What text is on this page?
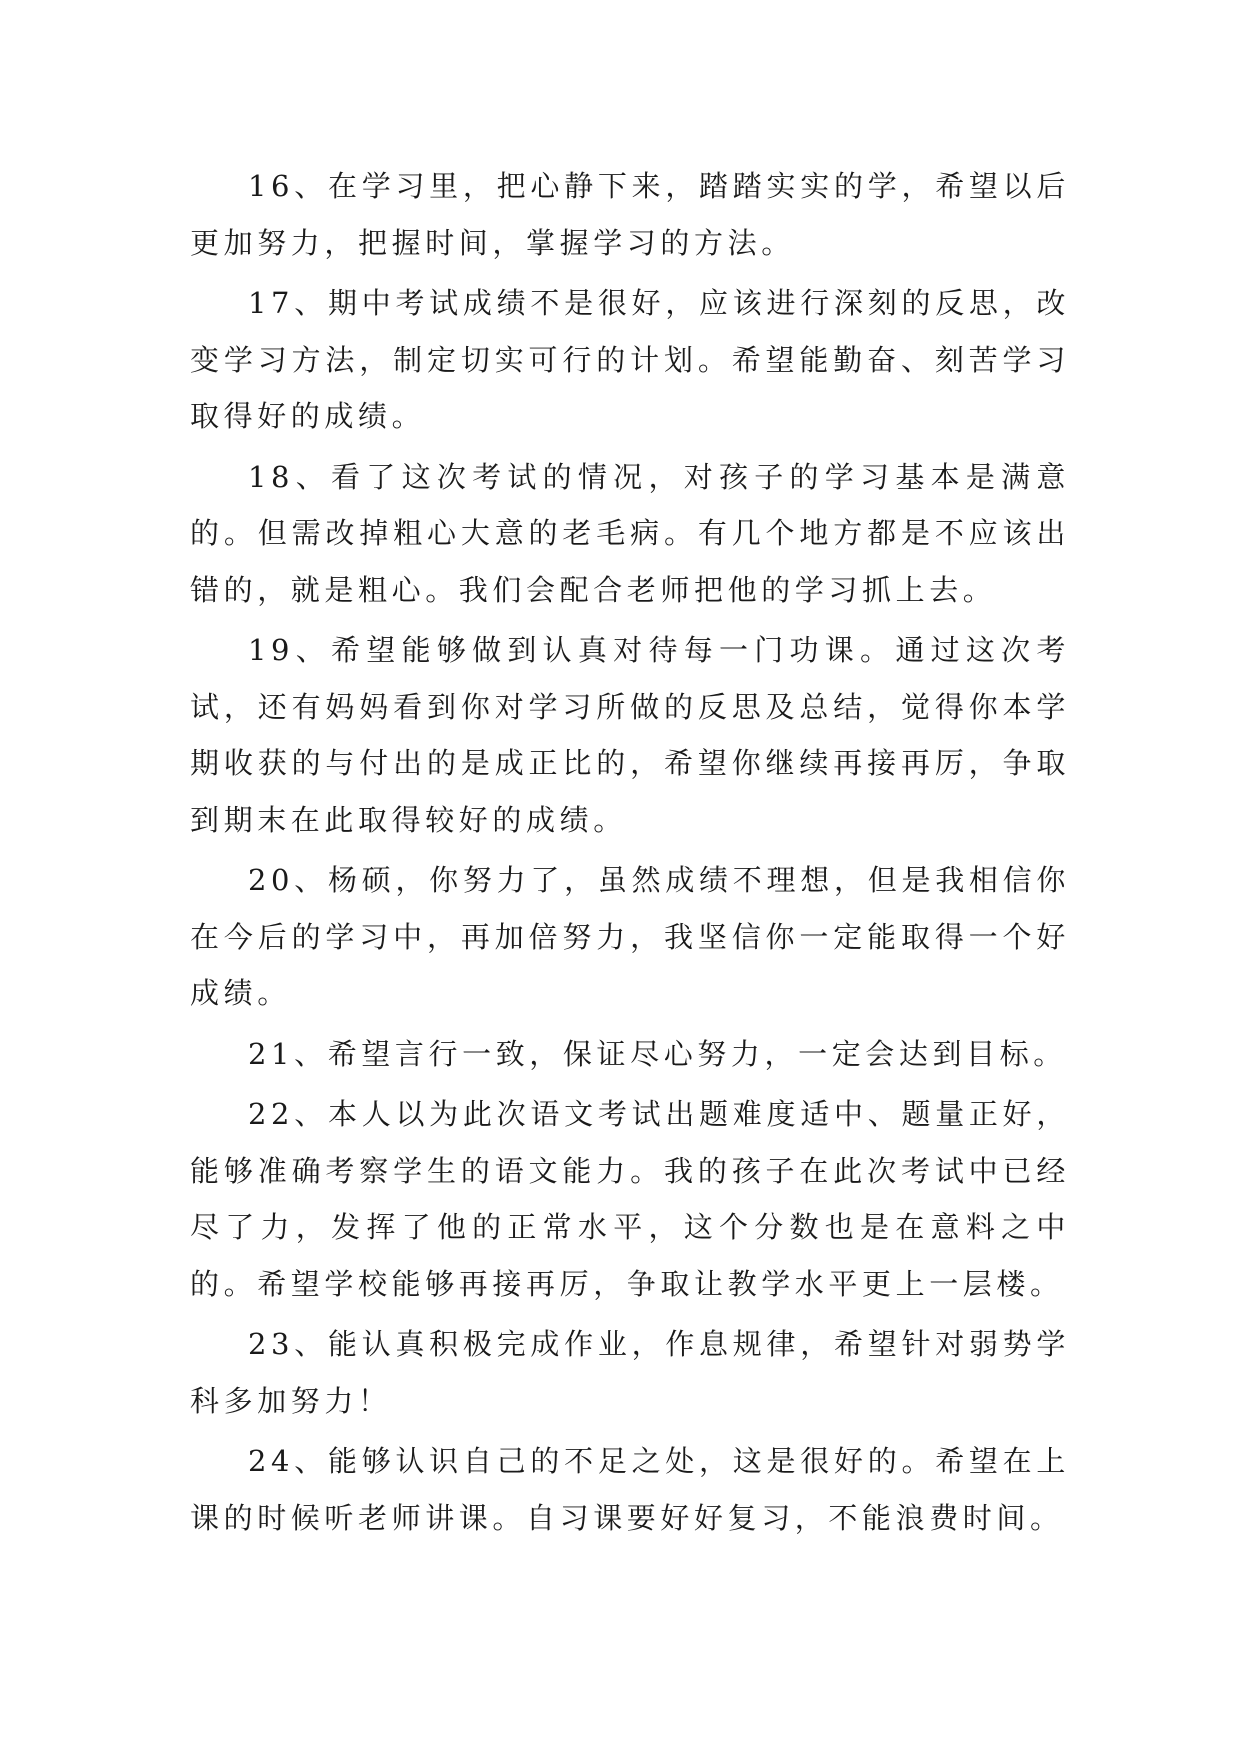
16、在学习里，把心静下来，踏踏实实的学，希望以后更加努力，把握时间，掌握学习的方法。

17、期中考试成绩不是很好，应该进行深刻的反思，改变学习方法，制定切实可行的计划。希望能勤奋、刻苦学习取得好的成绩。

18、看了这次考试的情况，对孩子的学习基本是满意的。但需改掉粗心大意的老毛病。有几个地方都是不应该出错的，就是粗心。我们会配合老师把他的学习抓上去。

19、希望能够做到认真对待每一门功课。通过这次考试，还有妈妈看到你对学习所做的反思及总结，觉得你本学期收获的与付出的是成正比的，希望你继续再接再厉，争取到期末在此取得较好的成绩。

20、杨硕，你努力了，虽然成绩不理想，但是我相信你在今后的学习中，再加倍努力，我坚信你一定能取得一个好成绩。

21、希望言行一致，保证尽心努力，一定会达到目标。

22、本人以为此次语文考试出题难度适中、题量正好，能够准确考察学生的语文能力。我的孩子在此次考试中已经尽了力，发挥了他的正常水平，这个分数也是在意料之中的。希望学校能够再接再厉，争取让教学水平更上一层楼。

23、能认真积极完成作业，作息规律，希望针对弱势学科多加努力！

24、能够认识自己的不足之处，这是很好的。希望在上课的时候听老师讲课。自习课要好好复习，不能浪费时间。
